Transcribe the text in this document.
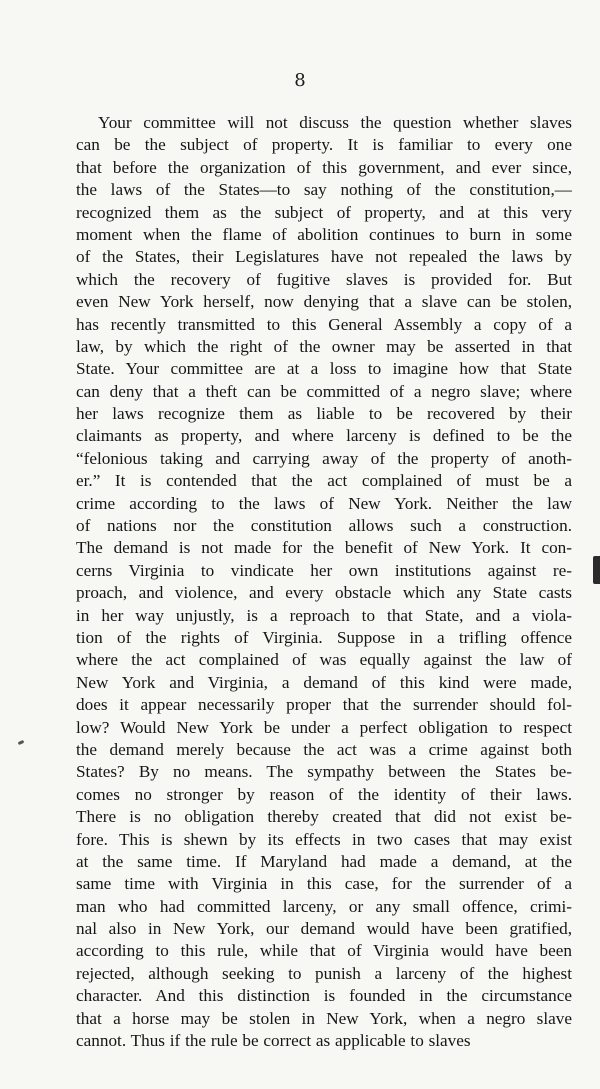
8
Your committee will not discuss the question whether slaves
can be the subject of property. It is familiar to every one
that before the organization of this government, and ever since,
the laws of the States—to say nothing of the constitution,—
recognized them as the subject of property, and at this very
moment when the flame of abolition continues to burn in some
of the States, their Legislatures have not repealed the laws by
which the recovery of fugitive slaves is provided for. But
even New York herself, now denying that a slave can be stolen,
has recently transmitted to this General Assembly a copy of a
law, by which the right of the owner may be asserted in that
State. Your committee are at a loss to imagine how that State
can deny that a theft can be committed of a negro slave; where
her laws recognize them as liable to be recovered by their
claimants as property, and where larceny is defined to be the
“felonious taking and carrying away of the property of anoth-
er.” It is contended that the act complained of must be a
crime according to the laws of New York. Neither the law
of nations nor the constitution allows such a construction.
The demand is not made for the benefit of New York. It con-
cerns Virginia to vindicate her own institutions against re-
proach, and violence, and every obstacle which any State casts
in her way unjustly, is a reproach to that State, and a viola-
tion of the rights of Virginia. Suppose in a trifling offence
where the act complained of was equally against the law of
New York and Virginia, a demand of this kind were made,
does it appear necessarily proper that the surrender should fol-
low? Would New York be under a perfect obligation to respect
the demand merely because the act was a crime against both
States? By no means. The sympathy between the States be-
comes no stronger by reason of the identity of their laws.
There is no obligation thereby created that did not exist be-
fore. This is shewn by its effects in two cases that may exist
at the same time. If Maryland had made a demand, at the
same time with Virginia in this case, for the surrender of a
man who had committed larceny, or any small offence, crimi-
nal also in New York, our demand would have been gratified,
according to this rule, while that of Virginia would have been
rejected, although seeking to punish a larceny of the highest
character. And this distinction is founded in the circumstance
that a horse may be stolen in New York, when a negro slave
cannot. Thus if the rule be correct as applicable to slaves
